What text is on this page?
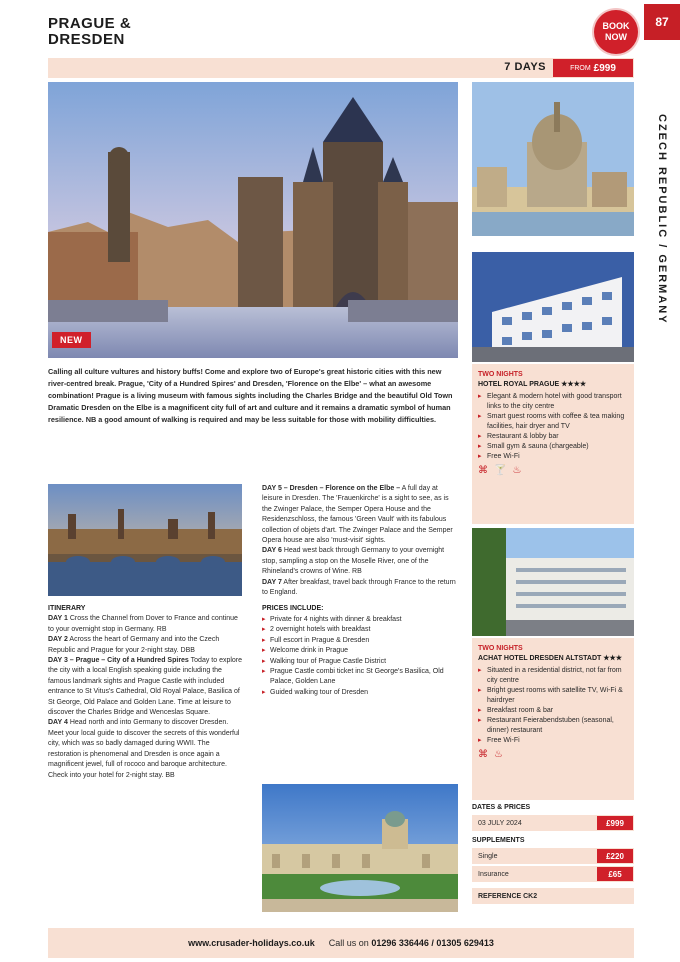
PRAGUE &
DRESDEN
BOOK
NOW
87
7 DAYS	FROM £999
CZECH REPUBLIC / GERMANY
NEW
Calling all culture vultures and history buffs! Come and explore two of Europe's great historic cities with this new river-centred break. Prague, 'City of a Hundred Spires' and Dresden, 'Florence on the Elbe' – what an awesome combination! Prague is a living museum with famous sights including the Charles Bridge and the beautiful Old Town Dramatic Dresden on the Elbe is a magnificent city full of art and culture and it remains a dramatic symbol of human resilience. NB a good amount of walking is required and may be less suitable for those with mobility difficulties.
TWO NIGHTS
HOTEL ROYAL PRAGUE ★★★★
▸ Elegant & modern hotel with good transport links to the city centre
▸ Smart guest rooms with coffee & tea making facilities, hair dryer and TV
▸ Restaurant & lobby bar
▸ Small gym & sauna (chargeable)
▸ Free Wi-Fi
⌘ 🍸 ♨
ITINERARY
DAY 1 Cross the Channel from Dover to France and continue to your overnight stop in Germany. RB
DAY 2 Across the heart of Germany and into the Czech Republic and Prague for your 2-night stay. DBB
DAY 3 – Prague – City of a Hundred Spires Today to explore the city with a local English speaking guide including the famous landmark sights and Prague Castle with included entrance to St Vitus's Cathedral, Old Royal Palace, Basilica of St George, Old Palace and Golden Lane. Time at leisure to discover the Charles Bridge and Wenceslas Square.
DAY 4 Head north and into Germany to discover Dresden. Meet your local guide to discover the secrets of this wonderful city, which was so badly damaged during WWII. The restoration is phenomenal and Dresden is once again a magnificent jewel, full of rococo and baroque architecture. Check into your hotel for 2-night stay. BB
DAY 5 – Dresden – Florence on the Elbe – A full day at leisure in Dresden. The 'Frauenkirche' is a sight to see, as is the Zwinger Palace, the Semper Opera House and the Residenzschloss, the famous 'Green Vault' with its fabulous collection of objets d'art. The Zwinger Palace and the Semper Opera house are also 'must-visit' sights.
DAY 6 Head west back through Germany to your overnight stop, sampling a stop on the Moselle River, one of the Rhineland's crowns of Wine. RB
DAY 7 After breakfast, travel back through France to the return to England.
PRICES INCLUDE:
▸ Private for 4 nights with dinner & breakfast
▸ 2 overnight hotels with breakfast
▸ Full escort in Prague & Dresden
▸ Welcome drink in Prague
▸ Walking tour of Prague Castle District
▸ Prague Castle combi ticket inc St George's Basilica, Old Palace, Golden Lane
▸ Guided walking tour of Dresden
TWO NIGHTS
ACHAT HOTEL DRESDEN ALTSTADT ★★★
▸ Situated in a residential district, not far from city centre
▸ Bright guest rooms with satellite TV, Wi-Fi & hairdryer
▸ Breakfast room & bar
▸ Restaurant Feierabendstuben (seasonal, dinner) restaurant
▸ Free Wi-Fi
⌘ ♨
DATES & PRICES
03 JULY 2024	£999
SUPPLEMENTS
Single	£220
Insurance	£65
REFERENCE CK2
www.crusader-holidays.co.uk Call us on 01296 336446 / 01305 629413
